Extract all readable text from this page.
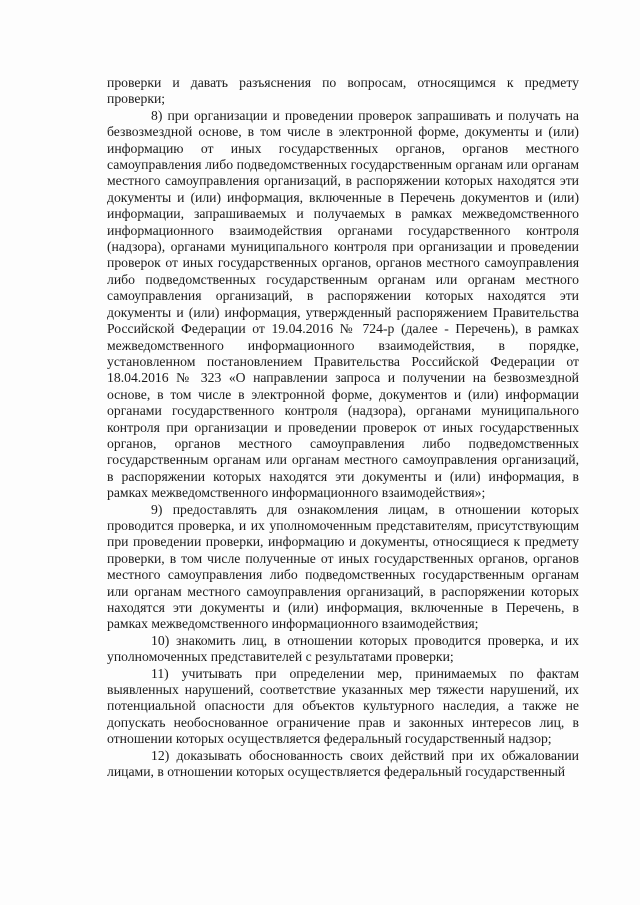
проверки и давать разъяснения по вопросам, относящимся к предмету проверки;

8) при организации и проведении проверок запрашивать и получать на безвозмездной основе, в том числе в электронной форме, документы и (или) информацию от иных государственных органов, органов местного самоуправления либо подведомственных государственным органам или органам местного самоуправления организаций, в распоряжении которых находятся эти документы и (или) информация, включенные в Перечень документов и (или) информации, запрашиваемых и получаемых в рамках межведомственного информационного взаимодействия органами государственного контроля (надзора), органами муниципального контроля при организации и проведении проверок от иных государственных органов, органов местного самоуправления либо подведомственных государственным органам или органам местного самоуправления организаций, в распоряжении которых находятся эти документы и (или) информация, утвержденный распоряжением Правительства Российской Федерации от 19.04.2016 № 724-р (далее - Перечень), в рамках межведомственного информационного взаимодействия, в порядке, установленном постановлением Правительства Российской Федерации от 18.04.2016 № 323 «О направлении запроса и получении на безвозмездной основе, в том числе в электронной форме, документов и (или) информации органами государственного контроля (надзора), органами муниципального контроля при организации и проведении проверок от иных государственных органов, органов местного самоуправления либо подведомственных государственным органам или органам местного самоуправления организаций, в распоряжении которых находятся эти документы и (или) информация, в рамках межведомственного информационного взаимодействия»;

9) предоставлять для ознакомления лицам, в отношении которых проводится проверка, и их уполномоченным представителям, присутствующим при проведении проверки, информацию и документы, относящиеся к предмету проверки, в том числе полученные от иных государственных органов, органов местного самоуправления либо подведомственных государственным органам или органам местного самоуправления организаций, в распоряжении которых находятся эти документы и (или) информация, включенные в Перечень, в рамках межведомственного информационного взаимодействия;

10) знакомить лиц, в отношении которых проводится проверка, и их уполномоченных представителей с результатами проверки;

11) учитывать при определении мер, принимаемых по фактам выявленных нарушений, соответствие указанных мер тяжести нарушений, их потенциальной опасности для объектов культурного наследия, а также не допускать необоснованное ограничение прав и законных интересов лиц, в отношении которых осуществляется федеральный государственный надзор;

12) доказывать обоснованность своих действий при их обжаловании лицами, в отношении которых осуществляется федеральный государственный
